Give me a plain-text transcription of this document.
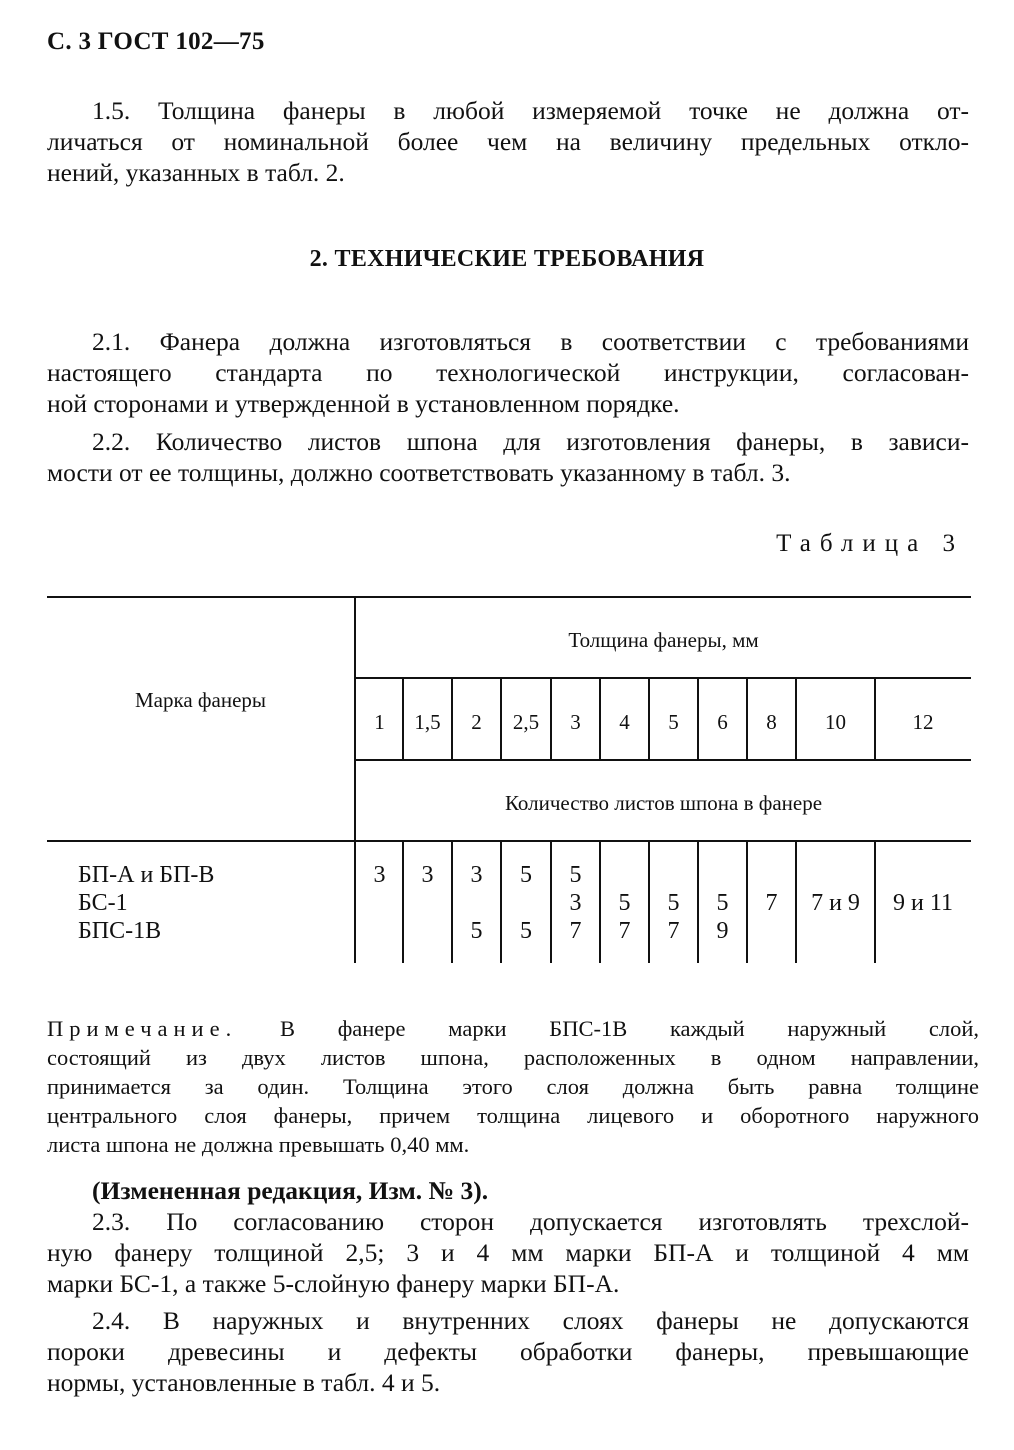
С. 3 ГОСТ 102—75
1.5. Толщина фанеры в любой измеряемой точке не должна от-
личаться от номинальной более чем на величину предельных откло-
нений, указанных в табл. 2.
2. ТЕХНИЧЕСКИЕ ТРЕБОВАНИЯ
2.1. Фанера должна изготовляться в соответствии с требованиями
настоящего стандарта по технологической инструкции, согласован-
ной сторонами и утвержденной в установленном порядке.
2.2. Количество листов шпона для изготовления фанеры, в зависи-
мости от ее толщины, должно соответствовать указанному в табл. 3.
Таблица 3
Марка фанеры
Толщина фанеры, мм
Количество листов шпона в фанере
БП-А и БП-В
БС-1
БПС-1В
1
3
1,5
3
2
3
5
2,5
5
5
3
5
3
7
4
5
7
5
5
7
6
5
9
8
7
10
7 и 9
12
9 и 11
Примечание. В фанере марки БПС-1В каждый наружный слой,
состоящий из двух листов шпона, расположенных в одном направлении,
принимается за один. Толщина этого слоя должна быть равна толщине
центрального слоя фанеры, причем толщина лицевого и оборотного наружного
листа шпона не должна превышать 0,40 мм.
(Измененная редакция, Изм. № 3).
2.3. По согласованию сторон допускается изготовлять трехслой-
ную фанеру толщиной 2,5; 3 и 4 мм марки БП-А и толщиной 4 мм
марки БС-1, а также 5-слойную фанеру марки БП-А.
2.4. В наружных и внутренних слоях фанеры не допускаются
пороки древесины и дефекты обработки фанеры, превышающие
нормы, установленные в табл. 4 и 5.
